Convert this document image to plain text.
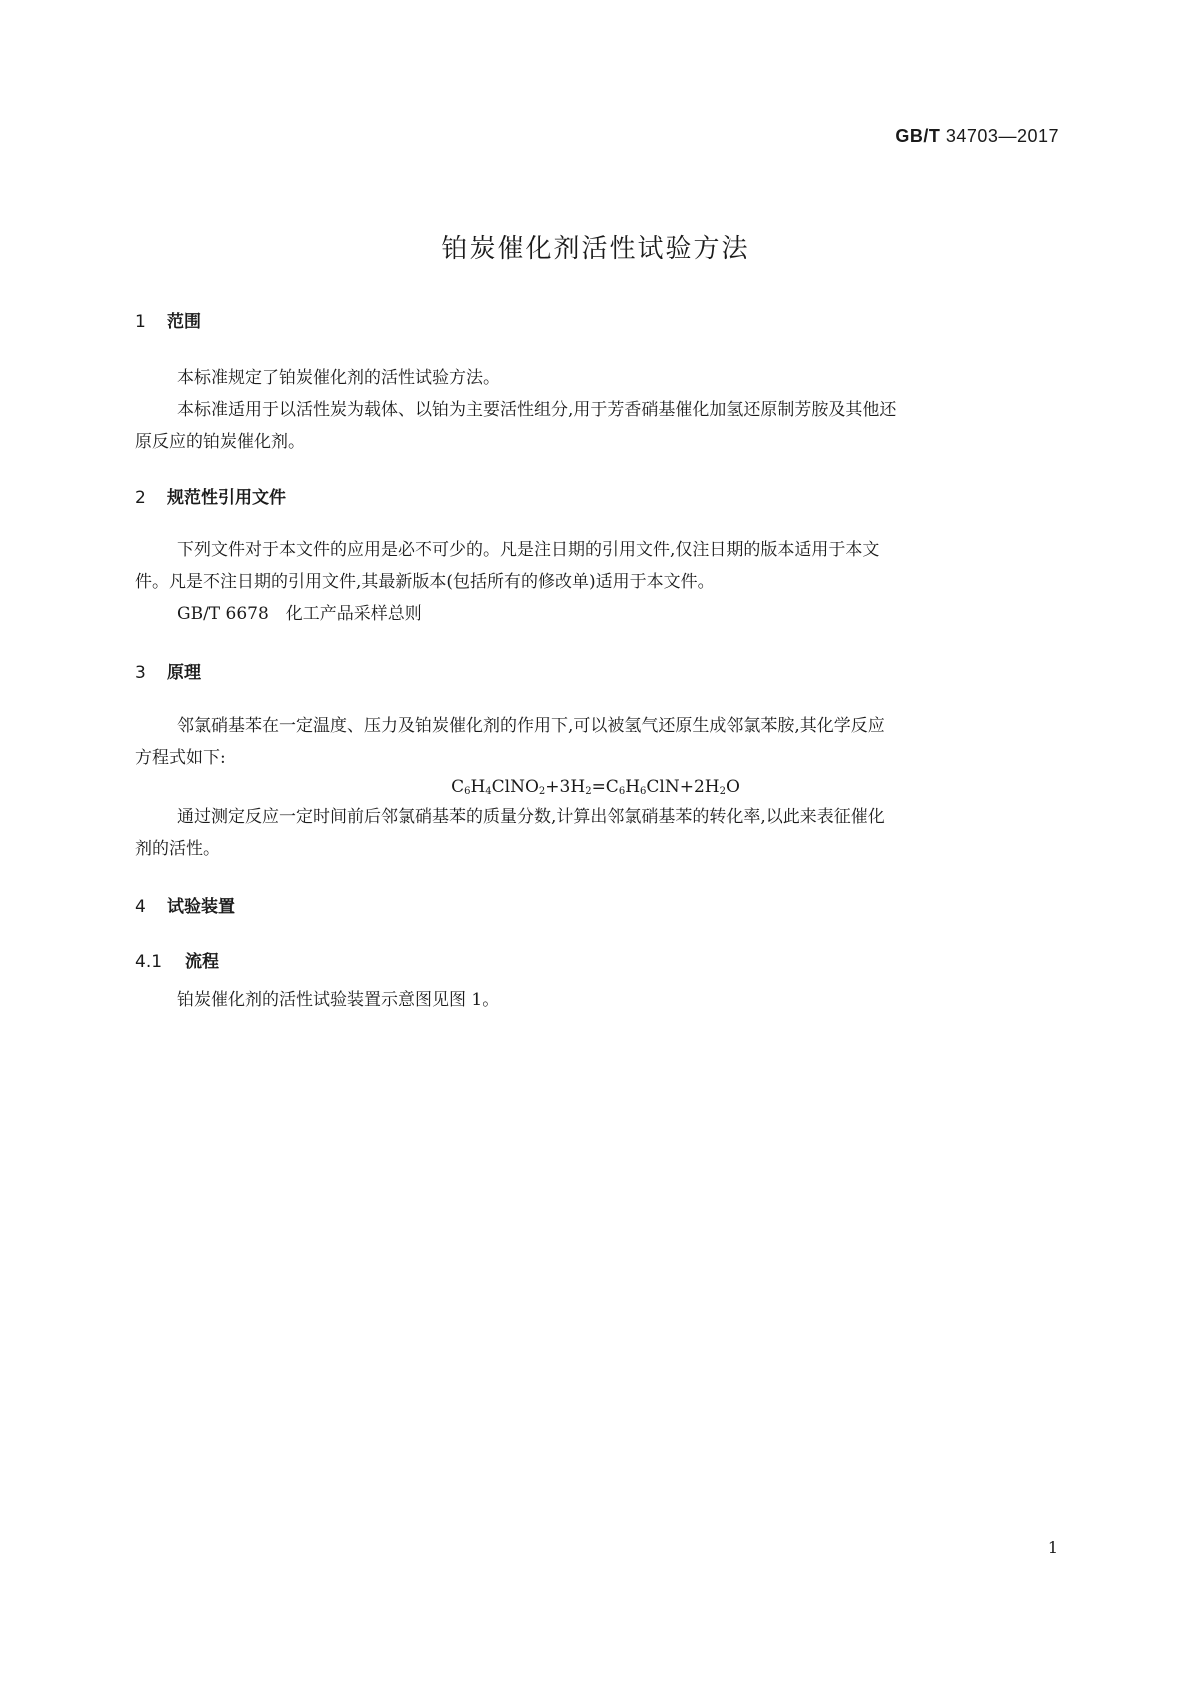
GB/T 34703—2017
铂炭催化剂活性试验方法
1 范围
本标准规定了铂炭催化剂的活性试验方法。
本标准适用于以活性炭为载体、以铂为主要活性组分,用于芳香硝基催化加氢还原制芳胺及其他还
原反应的铂炭催化剂。
2 规范性引用文件
下列文件对于本文件的应用是必不可少的。凡是注日期的引用文件,仅注日期的版本适用于本文
件。凡是不注日期的引用文件,其最新版本(包括所有的修改单)适用于本文件。
GB/T 6678　化工产品采样总则
3 原理
邻氯硝基苯在一定温度、压力及铂炭催化剂的作用下,可以被氢气还原生成邻氯苯胺,其化学反应
方程式如下:
$C_6H_4ClNO_2+3H_2=C_6H_6ClN+2H_2O$
通过测定反应一定时间前后邻氯硝基苯的质量分数,计算出邻氯硝基苯的转化率,以此来表征催化
剂的活性。
4 试验装置
4.1 流程
铂炭催化剂的活性试验装置示意图见图 1。
1
